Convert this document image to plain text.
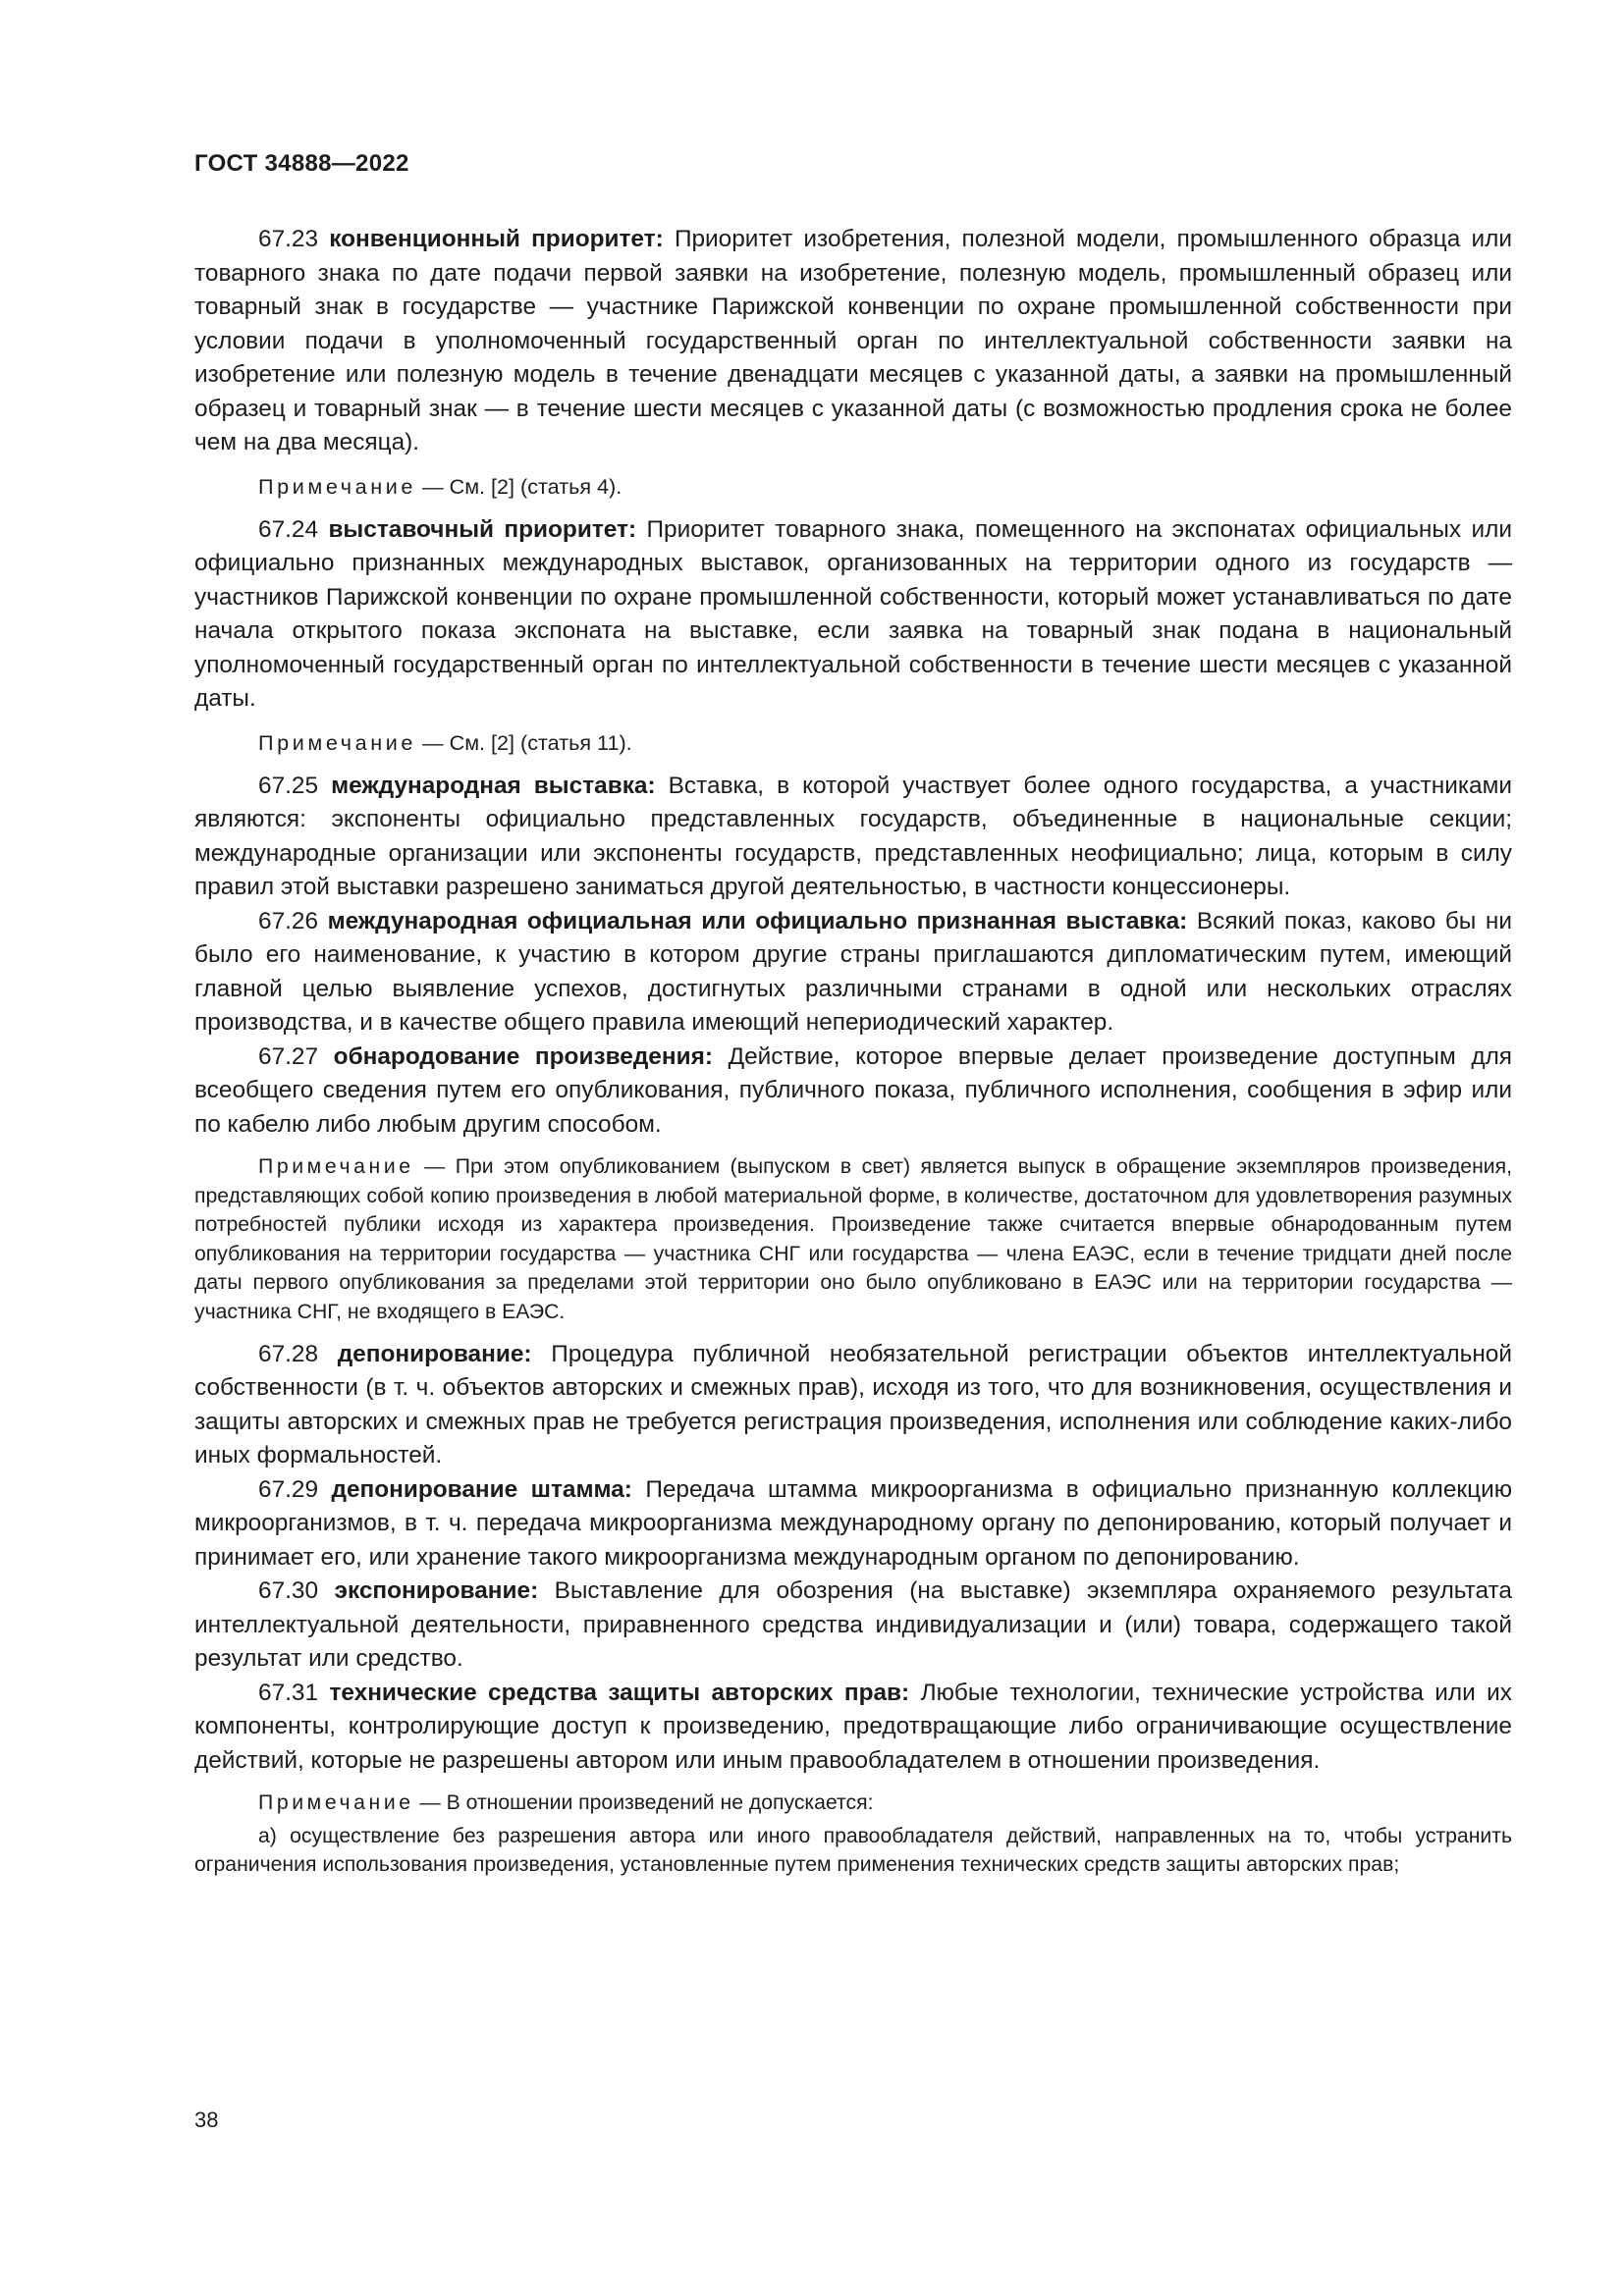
ГОСТ 34888—2022

67.23 конвенционный приоритет: Приоритет изобретения, полезной модели, промышленного образца или товарного знака по дате подачи первой заявки на изобретение, полезную модель, промышленный образец или товарный знак в государстве — участнике Парижской конвенции по охране промышленной собственности при условии подачи в уполномоченный государственный орган по интеллектуальной собственности заявки на изобретение или полезную модель в течение двенадцати месяцев с указанной даты, а заявки на промышленный образец и товарный знак — в течение шести месяцев с указанной даты (с возможностью продления срока не более чем на два месяца).

Примечание — См. [2] (статья 4).

67.24 выставочный приоритет: Приоритет товарного знака, помещенного на экспонатах официальных или официально признанных международных выставок, организованных на территории одного из государств — участников Парижской конвенции по охране промышленной собственности, который может устанавливаться по дате начала открытого показа экспоната на выставке, если заявка на товарный знак подана в национальный уполномоченный государственный орган по интеллектуальной собственности в течение шести месяцев с указанной даты.

Примечание — См. [2] (статья 11).

67.25 международная выставка: Вставка, в которой участвует более одного государства, а участниками являются: экспоненты официально представленных государств, объединенные в национальные секции; международные организации или экспоненты государств, представленных неофициально; лица, которым в силу правил этой выставки разрешено заниматься другой деятельностью, в частности концессионеры.

67.26 международная официальная или официально признанная выставка: Всякий показ, каково бы ни было его наименование, к участию в котором другие страны приглашаются дипломатическим путем, имеющий главной целью выявление успехов, достигнутых различными странами в одной или нескольких отраслях производства, и в качестве общего правила имеющий непериодический характер.

67.27 обнародование произведения: Действие, которое впервые делает произведение доступным для всеобщего сведения путем его опубликования, публичного показа, публичного исполнения, сообщения в эфир или по кабелю либо любым другим способом.

Примечание — При этом опубликованием (выпуском в свет) является выпуск в обращение экземпляров произведения, представляющих собой копию произведения в любой материальной форме, в количестве, достаточном для удовлетворения разумных потребностей публики исходя из характера произведения. Произведение также считается впервые обнародованным путем опубликования на территории государства — участника СНГ или государства — члена ЕАЭС, если в течение тридцати дней после даты первого опубликования за пределами этой территории оно было опубликовано в ЕАЭС или на территории государства — участника СНГ, не входящего в ЕАЭС.

67.28 депонирование: Процедура публичной необязательной регистрации объектов интеллектуальной собственности (в т. ч. объектов авторских и смежных прав), исходя из того, что для возникновения, осуществления и защиты авторских и смежных прав не требуется регистрация произведения, исполнения или соблюдение каких-либо иных формальностей.

67.29 депонирование штамма: Передача штамма микроорганизма в официально признанную коллекцию микроорганизмов, в т. ч. передача микроорганизма международному органу по депонированию, который получает и принимает его, или хранение такого микроорганизма международным органом по депонированию.

67.30 экспонирование: Выставление для обозрения (на выставке) экземпляра охраняемого результата интеллектуальной деятельности, приравненного средства индивидуализации и (или) товара, содержащего такой результат или средство.

67.31 технические средства защиты авторских прав: Любые технологии, технические устройства или их компоненты, контролирующие доступ к произведению, предотвращающие либо ограничивающие осуществление действий, которые не разрешены автором или иным правообладателем в отношении произведения.

Примечание — В отношении произведений не допускается:

а) осуществление без разрешения автора или иного правообладателя действий, направленных на то, чтобы устранить ограничения использования произведения, установленные путем применения технических средств защиты авторских прав;

38
